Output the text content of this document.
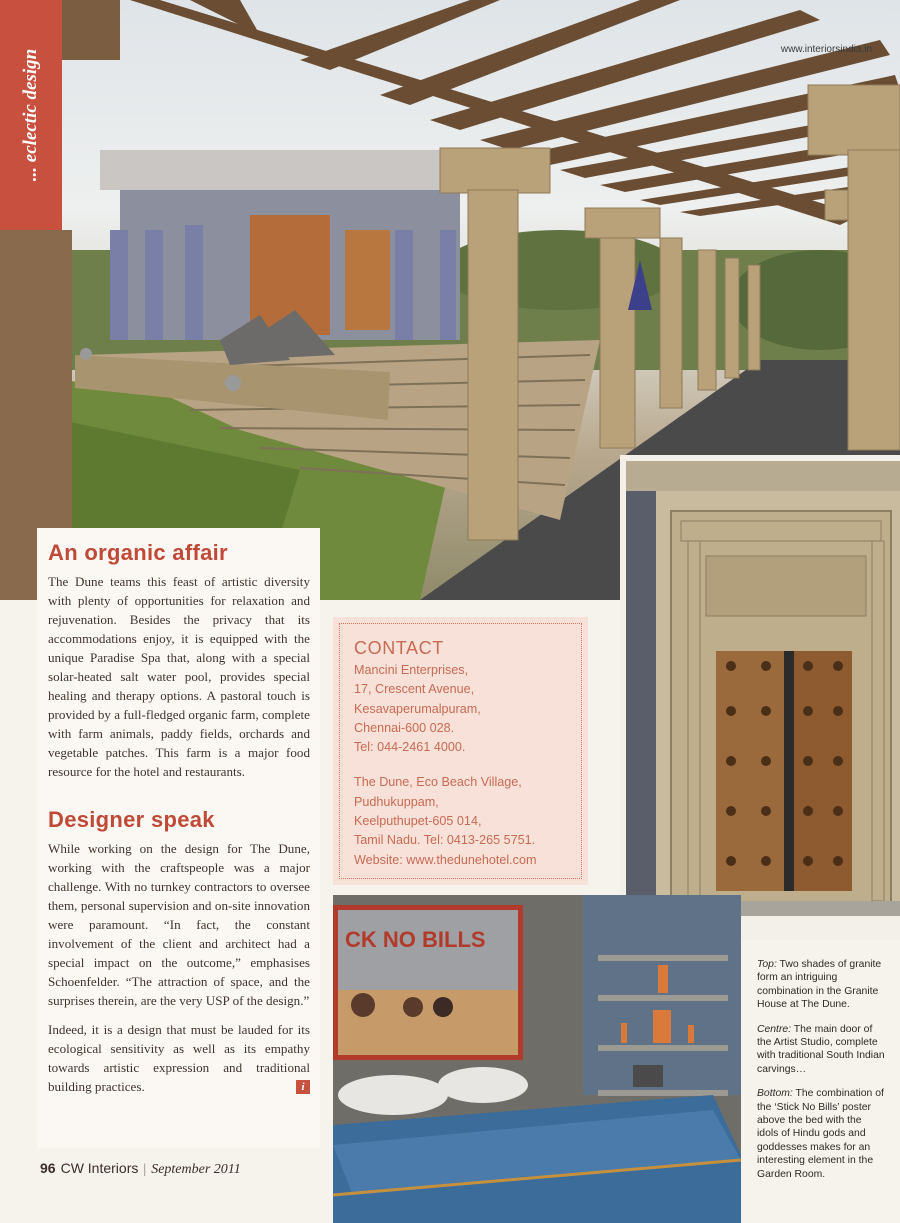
www.interiorsindia.in
... eclectic design
An organic affair

The Dune teams this feast of artistic diversity with plenty of opportunities for relaxation and rejuvenation. Besides the privacy that its accommodations enjoy, it is equipped with the unique Paradise Spa that, along with a special solar-heated salt water pool, provides special healing and therapy options. A pastoral touch is provided by a full-fledged organic farm, complete with farm animals, paddy fields, orchards and vegetable patches. This farm is a major food resource for the hotel and restaurants.

Designer speak

While working on the design for The Dune, working with the craftspeople was a major challenge. With no turnkey contractors to oversee them, personal supervision and on-site innovation were paramount. “In fact, the constant involvement of the client and architect had a special impact on the outcome,” emphasises Schoenfelder. “The attraction of space, and the surprises therein, are the very USP of the design.”

Indeed, it is a design that must be lauded for its ecological sensitivity as well as its empathy towards artistic expression and traditional building practices.	i

CONTACT
Mancini Enterprises,
17, Crescent Avenue,
Kesavaperumalpuram,
Chennai-600 028.
Tel: 044-2461 4000.
The Dune, Eco Beach Village,
Pudhukuppam,
Keelputhupet-605 014,
Tamil Nadu. Tel: 0413-265 5751.
Website: www.thedunehotel.com
CK NO BILLS

Top: Two shades of granite form an intriguing combination in the Granite House at The Dune.

Centre: The main door of the Artist Studio, complete with traditional South Indian carvings…

Bottom: The combination of the ‘Stick No Bills’ poster above the bed with the idols of Hindu gods and goddesses makes for an interesting element in the Garden Room.

96 CW Interiors | September 2011
